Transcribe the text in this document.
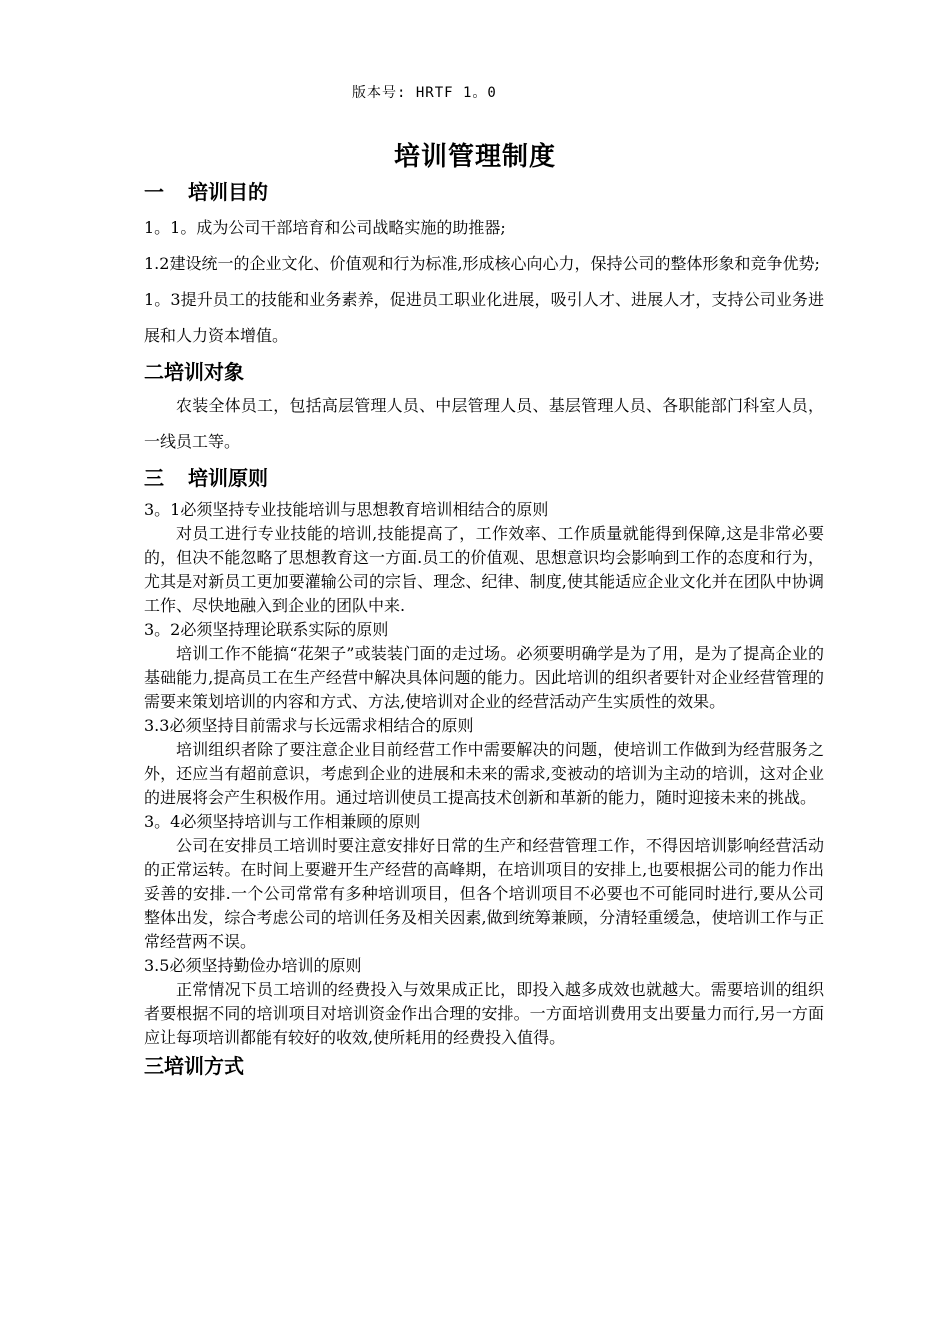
版本号: HRTF 1。0
培训管理制度
一 培训目的

1。1。成为公司干部培育和公司战略实施的助推器;

1.2建设统一的企业文化、价值观和行为标准,形成核心向心力，保持公司的整体形象和竞争优势;

1。3提升员工的技能和业务素养，促进员工职业化进展，吸引人才、进展人才，支持公司业务进展和人力资本增值。

二培训对象

农装全体员工，包括高层管理人员、中层管理人员、基层管理人员、各职能部门科室人员，一线员工等。

三 培训原则

3。1必须坚持专业技能培训与思想教育培训相结合的原则

对员工进行专业技能的培训,技能提高了，工作效率、工作质量就能得到保障,这是非常必要的，但决不能忽略了思想教育这一方面.员工的价值观、思想意识均会影响到工作的态度和行为，尤其是对新员工更加要灌输公司的宗旨、理念、纪律、制度,使其能适应企业文化并在团队中协调工作、尽快地融入到企业的团队中来.

3。2必须坚持理论联系实际的原则

培训工作不能搞“花架子”或装装门面的走过场。必须要明确学是为了用，是为了提高企业的基础能力,提高员工在生产经营中解决具体问题的能力。因此培训的组织者要针对企业经营管理的需要来策划培训的内容和方式、方法,使培训对企业的经营活动产生实质性的效果。

3.3必须坚持目前需求与长远需求相结合的原则

培训组织者除了要注意企业目前经营工作中需要解决的问题，使培训工作做到为经营服务之外，还应当有超前意识，考虑到企业的进展和未来的需求,变被动的培训为主动的培训，这对企业的进展将会产生积极作用。通过培训使员工提高技术创新和革新的能力，随时迎接未来的挑战。

3。4必须坚持培训与工作相兼顾的原则

公司在安排员工培训时要注意安排好日常的生产和经营管理工作，不得因培训影响经营活动的正常运转。在时间上要避开生产经营的高峰期，在培训项目的安排上,也要根据公司的能力作出妥善的安排.一个公司常常有多种培训项目，但各个培训项目不必要也不可能同时进行,要从公司整体出发，综合考虑公司的培训任务及相关因素,做到统筹兼顾，分清轻重缓急，使培训工作与正常经营两不误。

3.5必须坚持勤俭办培训的原则

正常情况下员工培训的经费投入与效果成正比，即投入越多成效也就越大。需要培训的组织者要根据不同的培训项目对培训资金作出合理的安排。一方面培训费用支出要量力而行,另一方面应让每项培训都能有较好的收效,使所耗用的经费投入值得。

三培训方式
